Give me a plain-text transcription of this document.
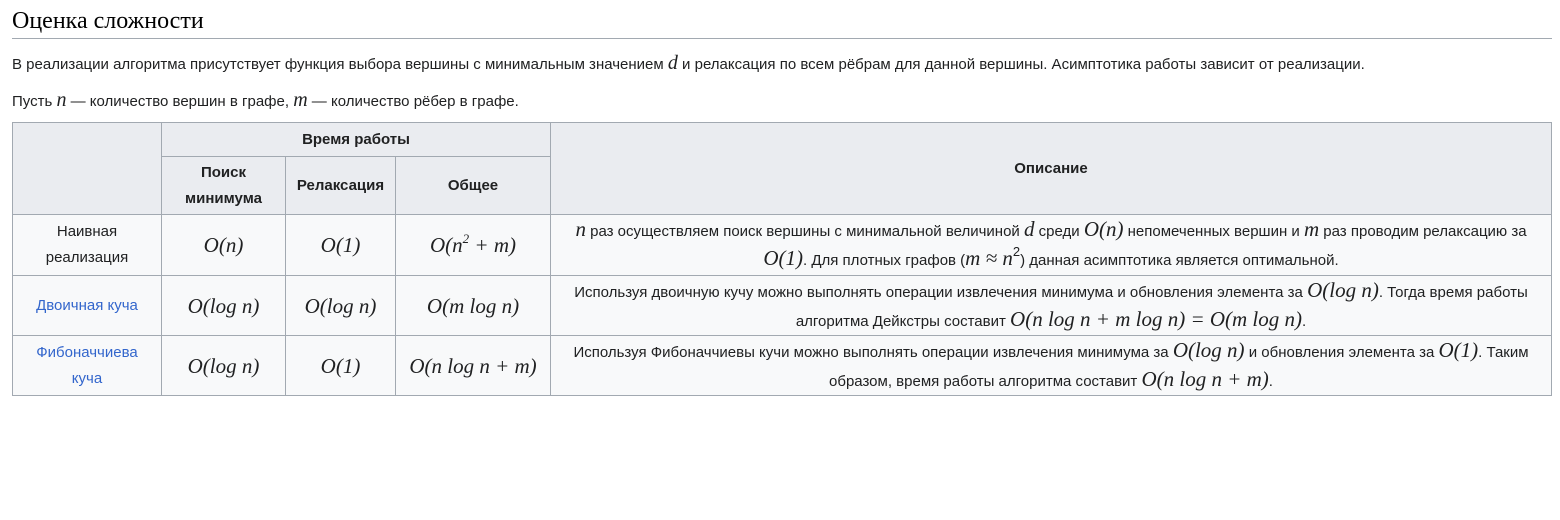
Оценка сложности

В реализации алгоритма присутствует функция выбора вершины с минимальным значением d и релаксация по всем рёбрам для данной вершины. Асимптотика работы зависит от реализации.

Пусть n — количество вершин в графе, m — количество рёбер в графе.

	Время работы			Описание
	Поиск минимума	Релаксация	Общее	
Наивная реализация	O(n)	O(1)	$O(n^2 + m)$	n раз осуществляем поиск вершины с минимальной величиной d среди O(n) непомеченных вершин и m раз проводим релаксацию за O(1). Для плотных графов $(m \approx n^2)$ данная асимптотика является оптимальной.
Двоичная куча	O(log n)	O(log n)	O(m log n)	Используя двоичную кучу можно выполнять операции извлечения минимума и обновления элемента за O(log n). Тогда время работы алгоритма Дейкстры составит O(n log n + m log n) = O(m log n).
Фибоначчиева куча	O(log n)	O(1)	O(n log n + m)	Используя Фибоначчиевы кучи можно выполнять операции извлечения минимума за O(log n) и обновления элемента за O(1). Таким образом, время работы алгоритма составит O(n log n + m).
